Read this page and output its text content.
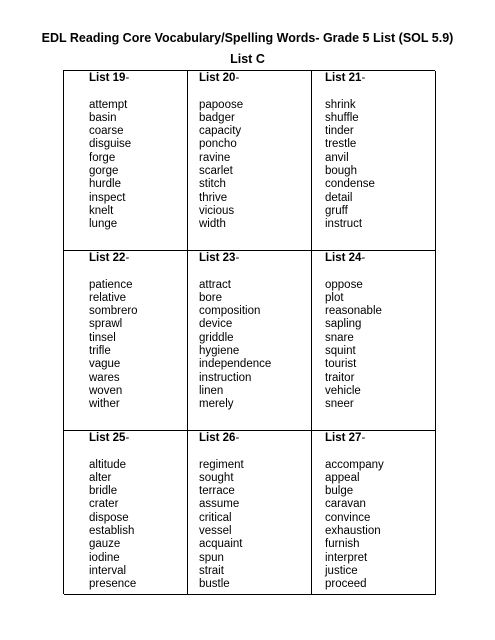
EDL Reading Core Vocabulary/Spelling Words- Grade 5 List (SOL 5.9)
List C
List 19-
attempt
basin
coarse
disguise
forge
gorge
hurdle
inspect
knelt
lunge
List 20-
papoose
badger
capacity
poncho
ravine
scarlet
stitch
thrive
vicious
width
List 21-
shrink
shuffle
tinder
trestle
anvil
bough
condense
detail
gruff
instruct
List 22-
patience
relative
sombrero
sprawl
tinsel
trifle
vague
wares
woven
wither
List 23-
attract
bore
composition
device
griddle
hygiene
independence
instruction
linen
merely
List 24-
oppose
plot
reasonable
sapling
snare
squint
tourist
traitor
vehicle
sneer
List 25-
altitude
alter
bridle
crater
dispose
establish
gauze
iodine
interval
presence
List 26-
regiment
sought
terrace
assume
critical
vessel
acquaint
spun
strait
bustle
List 27-
accompany
appeal
bulge
caravan
convince
exhaustion
furnish
interpret
justice
proceed
